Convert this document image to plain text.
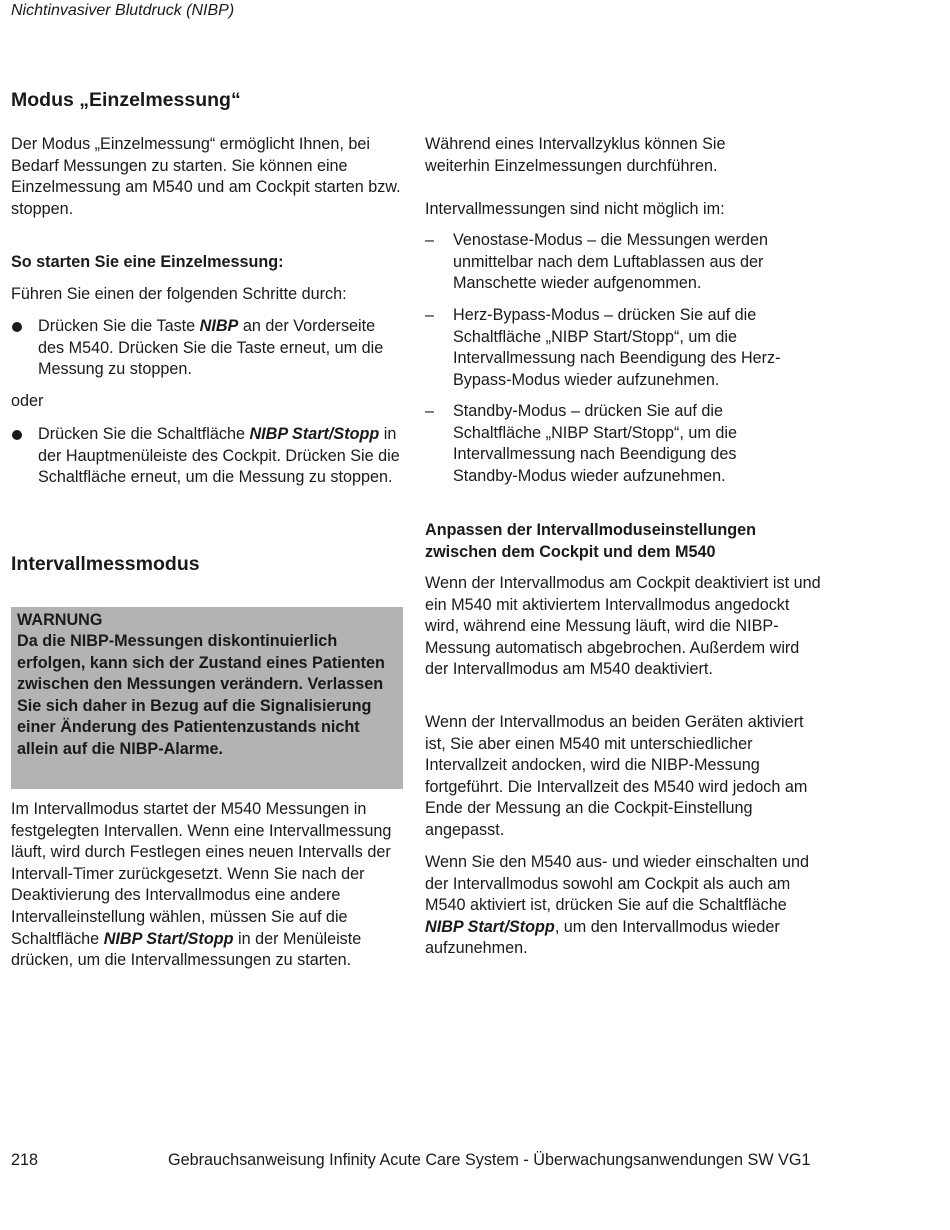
Nichtinvasiver Blutdruck (NIBP)
Modus „Einzelmessung“

Der Modus „Einzelmessung“ ermöglicht Ihnen, bei Bedarf Messungen zu starten. Sie können eine Einzelmessung am M540 und am Cockpit starten bzw. stoppen.

So starten Sie eine Einzelmessung:

Führen Sie einen der folgenden Schritte durch:

Drücken Sie die Taste NIBP an der Vorderseite des M540. Drücken Sie die Taste erneut, um die Messung zu stoppen.

oder

Drücken Sie die Schaltfläche NIBP Start/Stopp in der Hauptmenüleiste des Cockpit. Drücken Sie die Schaltfläche erneut, um die Messung zu stoppen.
Intervallmessmodus
WARNUNG
Da die NIBP-Messungen diskontinuierlich erfolgen, kann sich der Zustand eines Patienten zwischen den Messungen verändern. Verlassen Sie sich daher in Bezug auf die Signalisierung einer Änderung des Patientenzustands nicht allein auf die NIBP-Alarme.

Im Intervallmodus startet der M540 Messungen in festgelegten Intervallen. Wenn eine Intervallmessung läuft, wird durch Festlegen eines neuen Intervalls der Intervall-Timer zurückgesetzt. Wenn Sie nach der Deaktivierung des Intervallmodus eine andere Intervalleinstellung wählen, müssen Sie auf die Schaltfläche NIBP Start/Stopp in der Menüleiste drücken, um die Intervallmessungen zu starten.

Während eines Intervallzyklus können Sie weiterhin Einzelmessungen durchführen.

Intervallmessungen sind nicht möglich im:

–	Venostase-Modus – die Messungen werden unmittelbar nach dem Luftablassen aus der Manschette wieder aufgenommen.
–	Herz-Bypass-Modus – drücken Sie auf die Schaltfläche „NIBP Start/Stopp“, um die Intervallmessung nach Beendigung des Herz-Bypass-Modus wieder aufzunehmen.
–	Standby-Modus – drücken Sie auf die Schaltfläche „NIBP Start/Stopp“, um die Intervallmessung nach Beendigung des Standby-Modus wieder aufzunehmen.
Anpassen der Intervallmoduseinstellungen zwischen dem Cockpit und dem M540

Wenn der Intervallmodus am Cockpit deaktiviert ist und ein M540 mit aktiviertem Intervallmodus angedockt wird, während eine Messung läuft, wird die NIBP-Messung automatisch abgebrochen. Außerdem wird der Intervallmodus am M540 deaktiviert.

Wenn der Intervallmodus an beiden Geräten aktiviert ist, Sie aber einen M540 mit unterschiedlicher Intervallzeit andocken, wird die NIBP-Messung fortgeführt. Die Intervallzeit des M540 wird jedoch am Ende der Messung an die Cockpit-Einstellung angepasst.

Wenn Sie den M540 aus- und wieder einschalten und der Intervallmodus sowohl am Cockpit als auch am M540 aktiviert ist, drücken Sie auf die Schaltfläche NIBP Start/Stopp, um den Intervallmodus wieder aufzunehmen.

218	Gebrauchsanweisung Infinity Acute Care System - Überwachungsanwendungen SW VG1
